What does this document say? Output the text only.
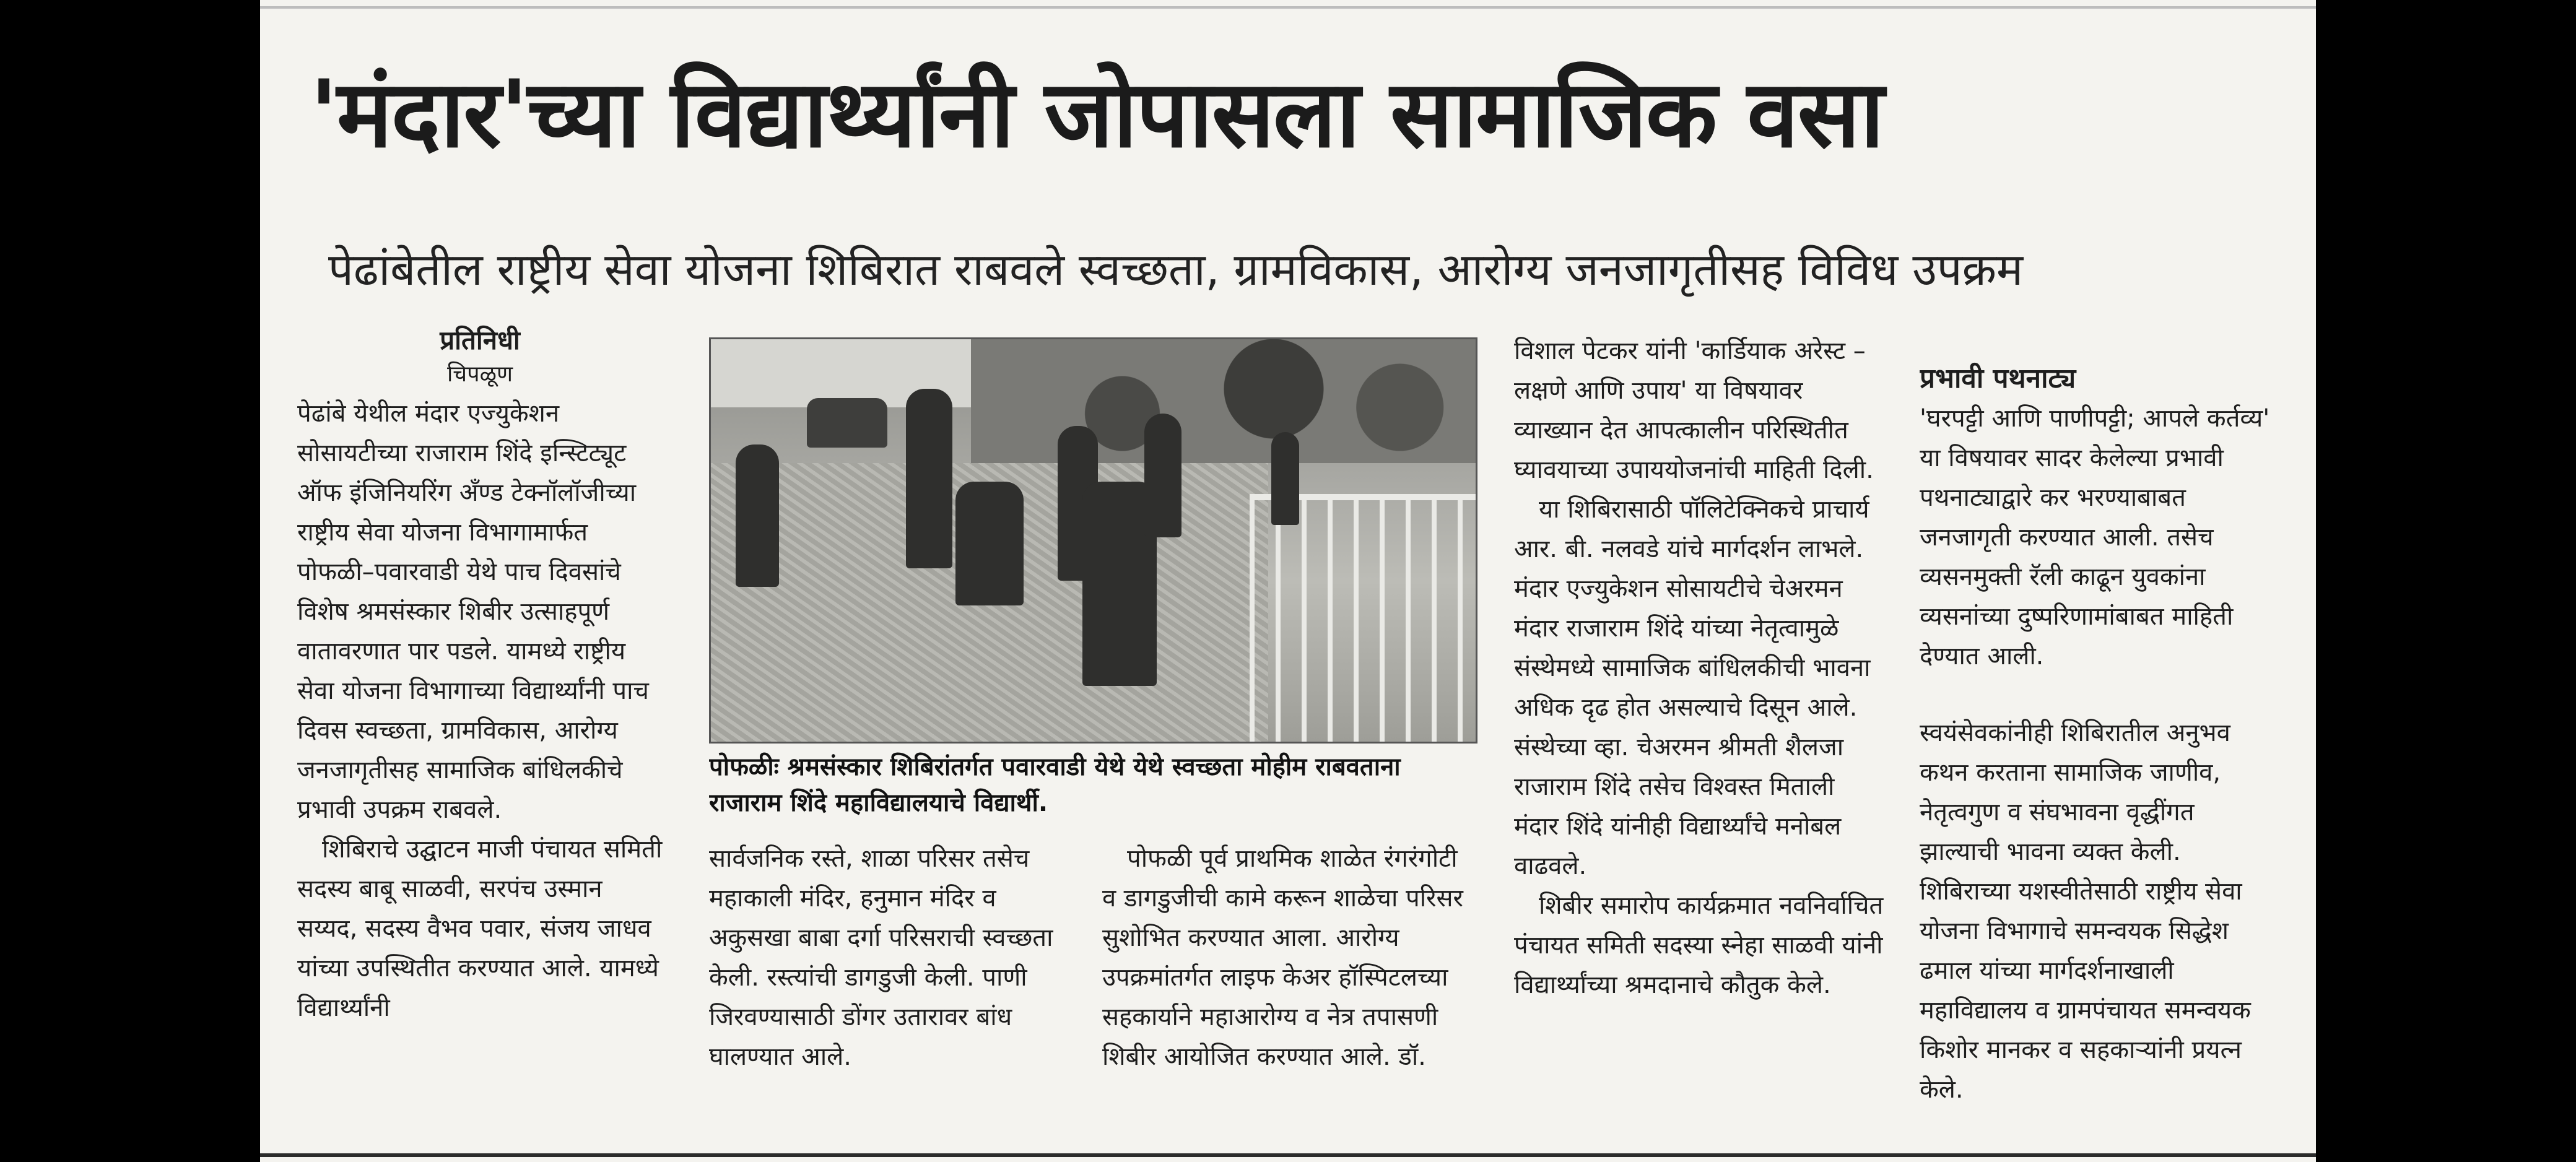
'मंदार'च्या विद्यार्थ्यांनी जोपासला सामाजिक वसा
पेढांबेतील राष्ट्रीय सेवा योजना शिबिरात राबवले स्वच्छता, ग्रामविकास, आरोग्य जनजागृतीसह विविध उपक्रम
प्रतिनिधी
चिपळूण

पेढांबे येथील मंदार एज्युकेशन सोसायटीच्या राजाराम शिंदे इन्स्टिट्यूट ऑफ इंजिनियरिंग अँण्ड टेक्नॉलॉजीच्या राष्ट्रीय सेवा योजना विभागामार्फत पोफळी–पवारवाडी येथे पाच दिवसांचे विशेष श्रमसंस्कार शिबीर उत्साहपूर्ण वातावरणात पार पडले. यामध्ये राष्ट्रीय सेवा योजना विभागाच्या विद्यार्थ्यांनी पाच दिवस स्वच्छता, ग्रामविकास, आरोग्य जनजागृतीसह सामाजिक बांधिलकीचे प्रभावी उपक्रम राबवले.

शिबिराचे उद्घाटन माजी पंचायत समिती सदस्य बाबू साळवी, सरपंच उस्मान सय्यद, सदस्य वैभव पवार, संजय जाधव यांच्या उपस्थितीत करण्यात आले. यामध्ये विद्यार्थ्यांनी

पोफळीः श्रमसंस्कार शिबिरांतर्गत पवारवाडी येथे येथे स्वच्छता मोहीम राबवताना राजाराम शिंदे महाविद्यालयाचे विद्यार्थी.

सार्वजनिक रस्ते, शाळा परिसर तसेच महाकाली मंदिर, हनुमान मंदिर व अकुसखा बाबा दर्गा परिसराची स्वच्छता केली. रस्त्यांची डागडुजी केली. पाणी जिरवण्यासाठी डोंगर उतारावर बांध घालण्यात आले.

पोफळी पूर्व प्राथमिक शाळेत रंगरंगोटी व डागडुजीची कामे करून शाळेचा परिसर सुशोभित करण्यात आला. आरोग्य उपक्रमांतर्गत लाइफ केअर हॉस्पिटलच्या सहकार्याने महाआरोग्य व नेत्र तपासणी शिबीर आयोजित करण्यात आले. डॉ.

विशाल पेटकर यांनी 'कार्डियाक अरेस्ट – लक्षणे आणि उपाय' या विषयावर व्याख्यान देत आपत्कालीन परिस्थितीत घ्यावयाच्या उपाययोजनांची माहिती दिली.

या शिबिरासाठी पॉलिटेक्निकचे प्राचार्य आर. बी. नलवडे यांचे मार्गदर्शन लाभले. मंदार एज्युकेशन सोसायटीचे चेअरमन मंदार राजाराम शिंदे यांच्या नेतृत्वामुळे संस्थेमध्ये सामाजिक बांधिलकीची भावना अधिक दृढ होत असल्याचे दिसून आले. संस्थेच्या व्हा. चेअरमन श्रीमती शैलजा राजाराम शिंदे तसेच विश्वस्त मिताली मंदार शिंदे यांनीही विद्यार्थ्यांचे मनोबल वाढवले.

शिबीर समारोप कार्यक्रमात नवनिर्वाचित पंचायत समिती सदस्या स्नेहा साळवी यांनी विद्यार्थ्यांच्या श्रमदानाचे कौतुक केले.

प्रभावी पथनाट्य

'घरपट्टी आणि पाणीपट्टी; आपले कर्तव्य' या विषयावर सादर केलेल्या प्रभावी पथनाट्याद्वारे कर भरण्याबाबत जनजागृती करण्यात आली. तसेच व्यसनमुक्ती रॅली काढून युवकांना व्यसनांच्या दुष्परिणामांबाबत माहिती देण्यात आली.

स्वयंसेवकांनीही शिबिरातील अनुभव कथन करताना सामाजिक जाणीव, नेतृत्वगुण व संघभावना वृद्धींगत झाल्याची भावना व्यक्त केली. शिबिराच्या यशस्वीतेसाठी राष्ट्रीय सेवा योजना विभागाचे समन्वयक सिद्धेश ढमाल यांच्या मार्गदर्शनाखाली महाविद्यालय व ग्रामपंचायत समन्वयक किशोर मानकर व सहकाऱ्यांनी प्रयत्न केले.
